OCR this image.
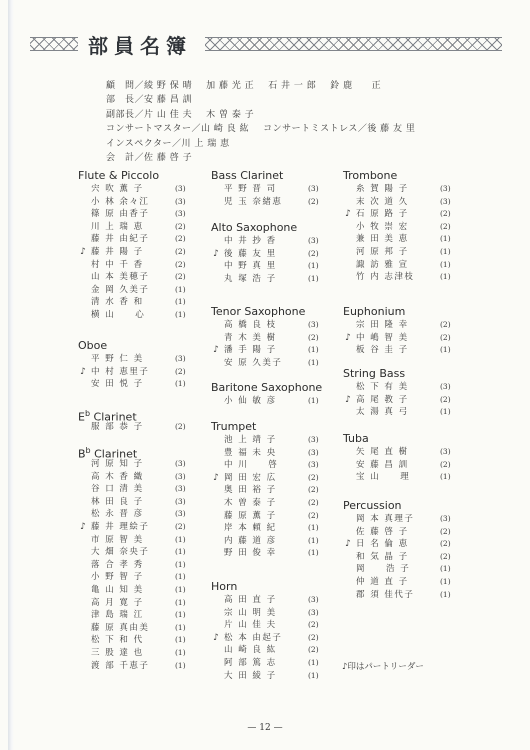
部員名簿
顧　問／綾 野 保 晴 加 藤 光 正 石 井 一 郎 鈴 鹿　　正
部　長／安 藤 昌 訓
副部長／片 山 佳 夫 木 曽 泰 子
コンサートマスター／山 崎 良 紘 コンサートミストレス／後 藤 友 里
インスペクター／川 上 瑞 恵
会　計／佐 藤 啓 子
Flute & Piccolo
宍 吹 薫 子	(3)
小 林 余々江	(3)
篠 原 由香子	(3)
川 上 瑞 恵	(2)
藤 井 由紀子	(2)
♪ 藤 井 陽 子	(2)
村 中 千 香	(2)
山 本 美穂子	(2)
金 岡 久美子	(1)
清 水 香 和	(1)
横 山　　心	(1)
Oboe
平 野 仁 美	(3)
♪ 中 村 恵里子	(2)
安 田 悦 子	(1)
$E^b$ Clarinet
服 部 恭 子	(2)
$B^b$ Clarinet
河 原 知 子	(3)
高 木 香 織	(3)
谷 口 清 美	(3)
林 田 良 子	(3)
松 永 晋 彦	(3)
♪ 藤 井 理絵子	(2)
市 原 智 美	(1)
大 畑 奈央子	(1)
落 合 孝 秀	(1)
小 野 智 子	(1)
亀 山 知 美	(1)
高 月 寛 子	(1)
津 島 瑞 江	(1)
藤 原 真由美	(1)
松 下 和 代	(1)
三 股 達 也	(1)
渡 部 千恵子	(1)
Bass Clarinet
平 野 晋 司	(3)
児 玉 奈緒恵	(2)
Alto Saxophone
中 井 抄 香	(3)
♪ 後 藤 友 里	(2)
中 野 真 里	(1)
丸 塚 浩 子	(1)
Tenor Saxophone
高 橋 良 枝	(3)
青 木 美 樹	(2)
♪ 潘 手 陽 子	(1)
安 原 久美子	(1)
Baritone Saxophone
小 仙 敏 彦	(1)
Trumpet
池 上 靖 子	(3)
豊 福 未 央	(3)
中 川　　啓	(3)
♪ 岡 田 宏 広	(2)
奥 田 裕 子	(2)
木 曽 泰 子	(2)
藤 原 薫 子	(2)
岸 本 頼 紀	(1)
内 藤 道 彦	(1)
野 田 俊 幸	(1)
Horn
高 田 直 子	(3)
宗 山 明 美	(3)
片 山 佳 夫	(2)
♪ 松 本 由起子	(2)
山 崎 良 紘	(2)
阿 部 篤 志	(1)
大 田 綾 子	(1)
Trombone
糸 賀 陽 子	(3)
末 次 道 久	(3)
♪ 石 原 路 子	(2)
小 牧 崇 宏	(2)
兼 田 美 恵	(1)
河 原 邦 子	(1)
諏 訪 雅 宣	(1)
竹 内 志津枝	(1)
Euphonium
宗 田 隆 幸	(2)
♪ 中 嶋 智 美	(2)
板 谷 圭 子	(1)
String Bass
松 下 有 美	(3)
♪ 高 尾 教 子	(2)
太 湯 真 弓	(1)
Tuba
矢 尾 直 樹	(3)
安 藤 昌 訓	(2)
宝 山　　理	(1)
Percussion
岡 本 真理子	(3)
佐 藤 啓 子	(2)
♪ 日 名 倫 恵	(2)
和 気 晶 子	(2)
岡　　浩 子	(1)
仲 道 直 子	(1)
郡 須 佳代子	(1)
♪印はパートリーダー
— 12 —
